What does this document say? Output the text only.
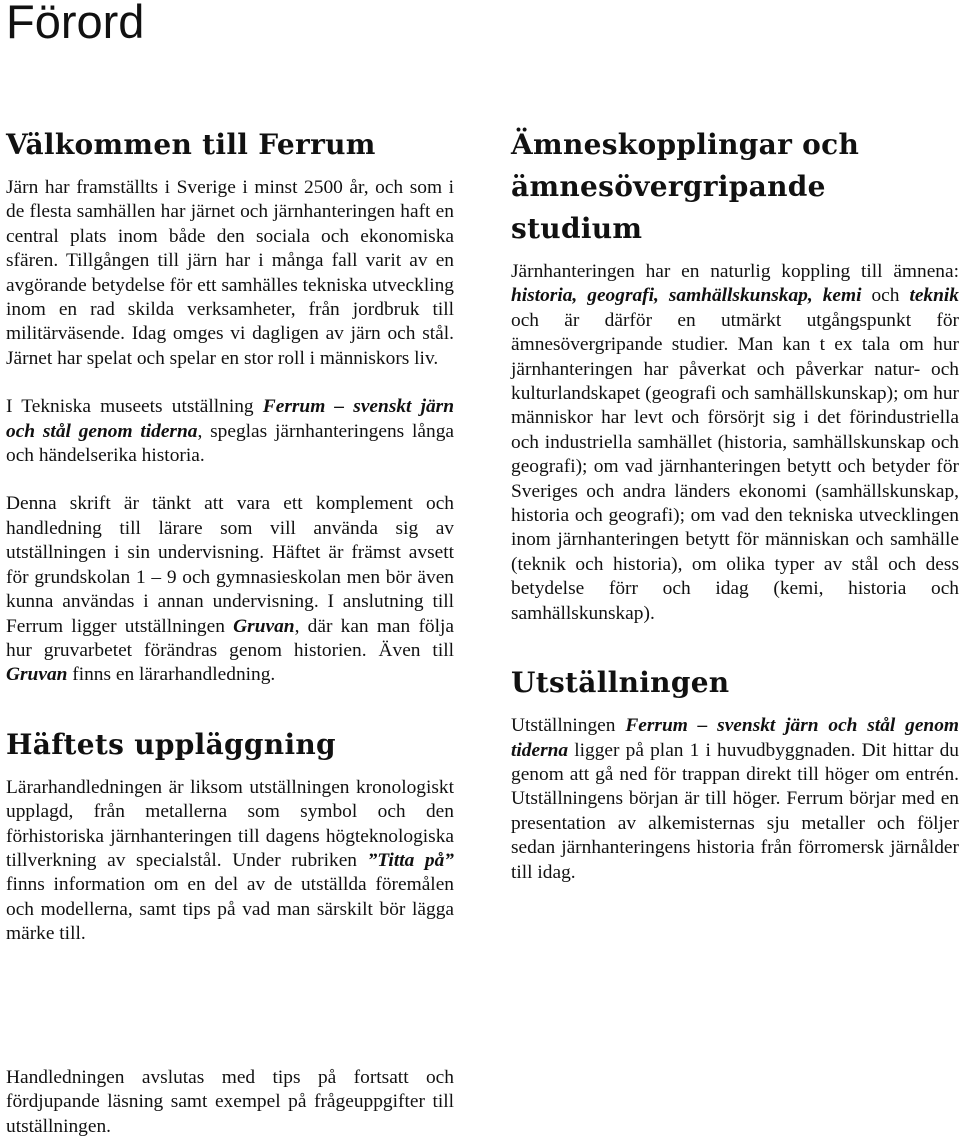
Förord
Välkommen till Ferrum

Järn har framställts i Sverige i minst 2500 år, och som i de flesta samhällen har järnet och järnhanteringen haft en central plats inom både den sociala och ekonomiska sfären. Tillgången till järn har i många fall varit av en avgörande betydelse för ett samhälles tekniska utveckling inom en rad skilda verksamheter, från jordbruk till militärväsende. Idag omges vi dagligen av järn och stål. Järnet har spelat och spelar en stor roll i människors liv.

I Tekniska museets utställning Ferrum – svenskt järn och stål genom tiderna, speglas järnhanteringens långa och händelserika historia.

Denna skrift är tänkt att vara ett komplement och handledning till lärare som vill använda sig av utställningen i sin undervisning. Häftet är främst avsett för grundskolan 1 – 9 och gymnasieskolan men bör även kunna användas i annan undervisning. I anslutning till Ferrum ligger utställningen Gruvan, där kan man följa hur gruvarbetet förändras genom historien. Även till Gruvan finns en lärarhandledning.

Häftets uppläggning

Lärarhandledningen är liksom utställningen kronologiskt upplagd, från metallerna som symbol och den förhistoriska järnhanteringen till dagens högteknologiska tillverkning av specialstål. Under rubriken ”Titta på” finns information om en del av de utställda föremålen och modellerna, samt tips på vad man särskilt bör lägga märke till.

Handledningen avslutas med tips på fortsatt och fördjupande läsning samt exempel på frågeuppgifter till utställningen.

Ämneskopplingar och
ämnesövergripande studium

Järnhanteringen har en naturlig koppling till ämnena: historia, geografi, samhällskunskap, kemi och teknik och är därför en utmärkt utgångspunkt för ämnesövergripande studier. Man kan t ex tala om hur järnhanteringen har påverkat och påverkar natur- och kulturlandskapet (geografi och samhällskunskap); om hur människor har levt och försörjt sig i det förindustriella och industriella samhället (historia, samhällskunskap och geografi); om vad järnhanteringen betytt och betyder för Sveriges och andra länders ekonomi (samhällskunskap, historia och geografi); om vad den tekniska utvecklingen inom järnhanteringen betytt för människan och samhälle (teknik och historia), om olika typer av stål och dess betydelse förr och idag (kemi, historia och samhällskunskap).

Utställningen

Utställningen Ferrum – svenskt järn och stål genom tiderna ligger på plan 1 i huvudbyggnaden. Dit hittar du genom att gå ned för trappan direkt till höger om entrén. Utställningens början är till höger. Ferrum börjar med en presentation av alkemisternas sju metaller och följer sedan järnhanteringens historia från förromersk järnålder till idag.
